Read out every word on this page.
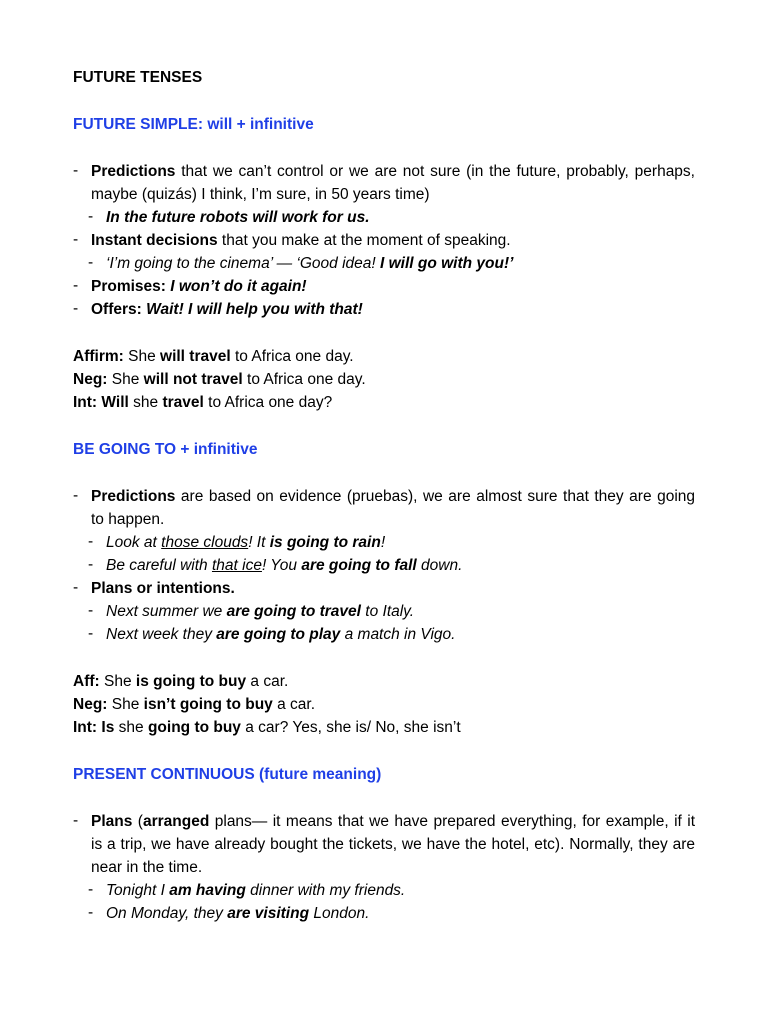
FUTURE TENSES
FUTURE SIMPLE: will + infinitive
- Predictions that we can’t control or we are not sure (in the future, probably, perhaps, maybe (quizás) I think, I’m sure, in 50 years time)
- In the future robots will work for us.
- Instant decisions that you make at the moment of speaking.
- ‘I’m going to the cinema’ — ‘Good idea! I will go with you!’
- Promises: I won’t do it again!
- Offers: Wait! I will help you with that!

Affirm: She will travel to Africa one day.

Neg: She will not travel to Africa one day.

Int: Will she travel to Africa one day?

BE GOING TO + infinitive
- Predictions are based on evidence (pruebas), we are almost sure that they are going to happen.
- Look at those clouds! It is going to rain!
- Be careful with that ice! You are going to fall down.
- Plans or intentions.
- Next summer we are going to travel to Italy.
- Next week they are going to play a match in Vigo.

Aff: She is going to buy a car.

Neg: She isn’t going to buy a car.

Int: Is she going to buy a car? Yes, she is/ No, she isn’t

PRESENT CONTINUOUS (future meaning)
- Plans (arranged plans— it means that we have prepared everything, for example, if it is a trip, we have already bought the tickets, we have the hotel, etc). Normally, they are near in the time.
- Tonight I am having dinner with my friends.
- On Monday, they are visiting London.
